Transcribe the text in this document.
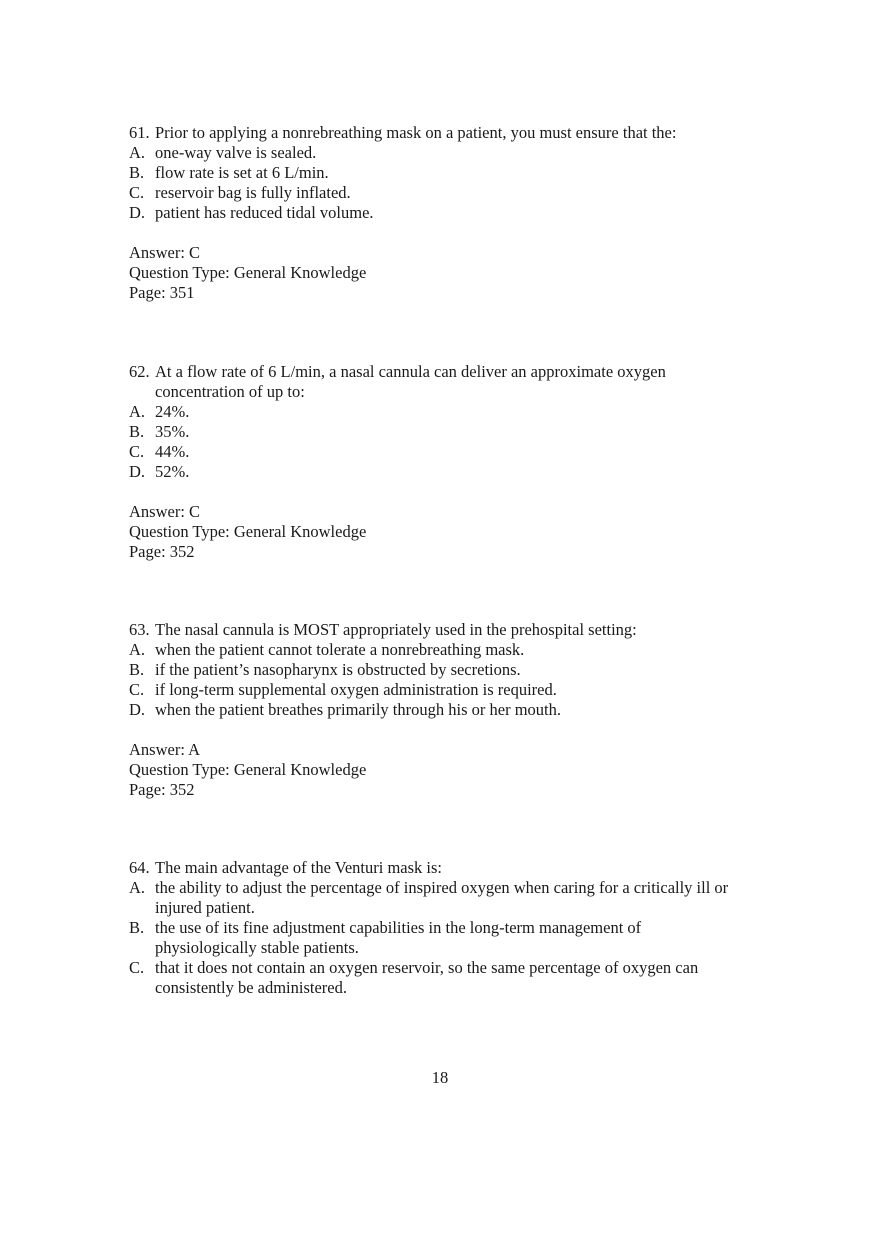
61. Prior to applying a nonrebreathing mask on a patient, you must ensure that the:
A. one-way valve is sealed.
B. flow rate is set at 6 L/min.
C. reservoir bag is fully inflated.
D. patient has reduced tidal volume.
Answer: C
Question Type: General Knowledge
Page: 351
62. At a flow rate of 6 L/min, a nasal cannula can deliver an approximate oxygen concentration of up to:
A. 24%.
B. 35%.
C. 44%.
D. 52%.
Answer: C
Question Type: General Knowledge
Page: 352
63. The nasal cannula is MOST appropriately used in the prehospital setting:
A. when the patient cannot tolerate a nonrebreathing mask.
B. if the patient’s nasopharynx is obstructed by secretions.
C. if long-term supplemental oxygen administration is required.
D. when the patient breathes primarily through his or her mouth.
Answer: A
Question Type: General Knowledge
Page: 352
64. The main advantage of the Venturi mask is:
A. the ability to adjust the percentage of inspired oxygen when caring for a critically ill or injured patient.
B. the use of its fine adjustment capabilities in the long-term management of physiologically stable patients.
C. that it does not contain an oxygen reservoir, so the same percentage of oxygen can consistently be administered.
18
